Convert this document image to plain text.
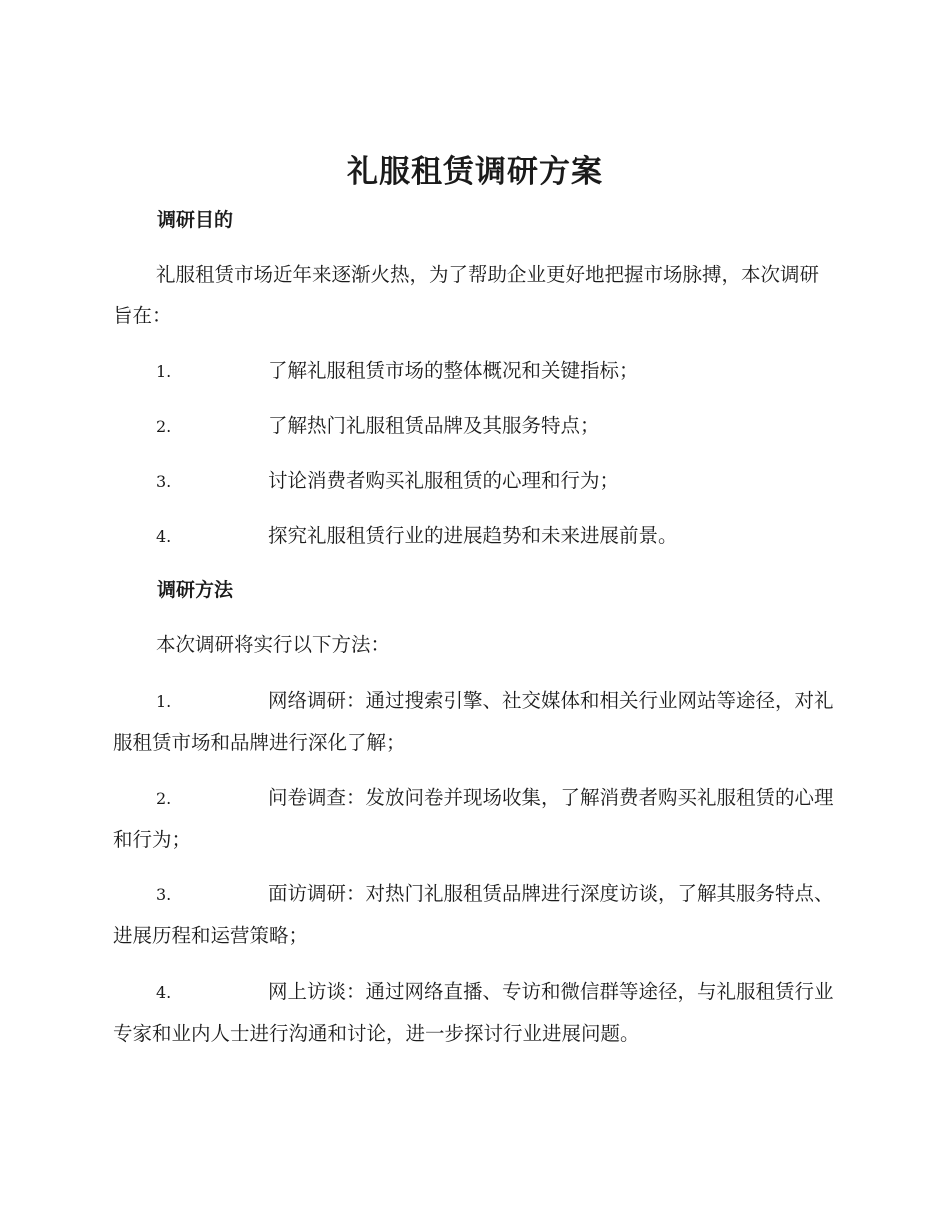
礼服租赁调研方案
调研目的

礼服租赁市场近年来逐渐火热，为了帮助企业更好地把握市场脉搏，本次调研旨在：

1.	了解礼服租赁市场的整体概况和关键指标；

2.	了解热门礼服租赁品牌及其服务特点；

3.	讨论消费者购买礼服租赁的心理和行为；

4.	探究礼服租赁行业的进展趋势和未来进展前景。

调研方法

本次调研将实行以下方法：

1.	网络调研：通过搜索引擎、社交媒体和相关行业网站等途径，对礼服租赁市场和品牌进行深化了解；

2.	问卷调查：发放问卷并现场收集，了解消费者购买礼服租赁的心理和行为；

3.	面访调研：对热门礼服租赁品牌进行深度访谈，了解其服务特点、进展历程和运营策略；

4.	网上访谈：通过网络直播、专访和微信群等途径，与礼服租赁行业专家和业内人士进行沟通和讨论，进一步探讨行业进展问题。
